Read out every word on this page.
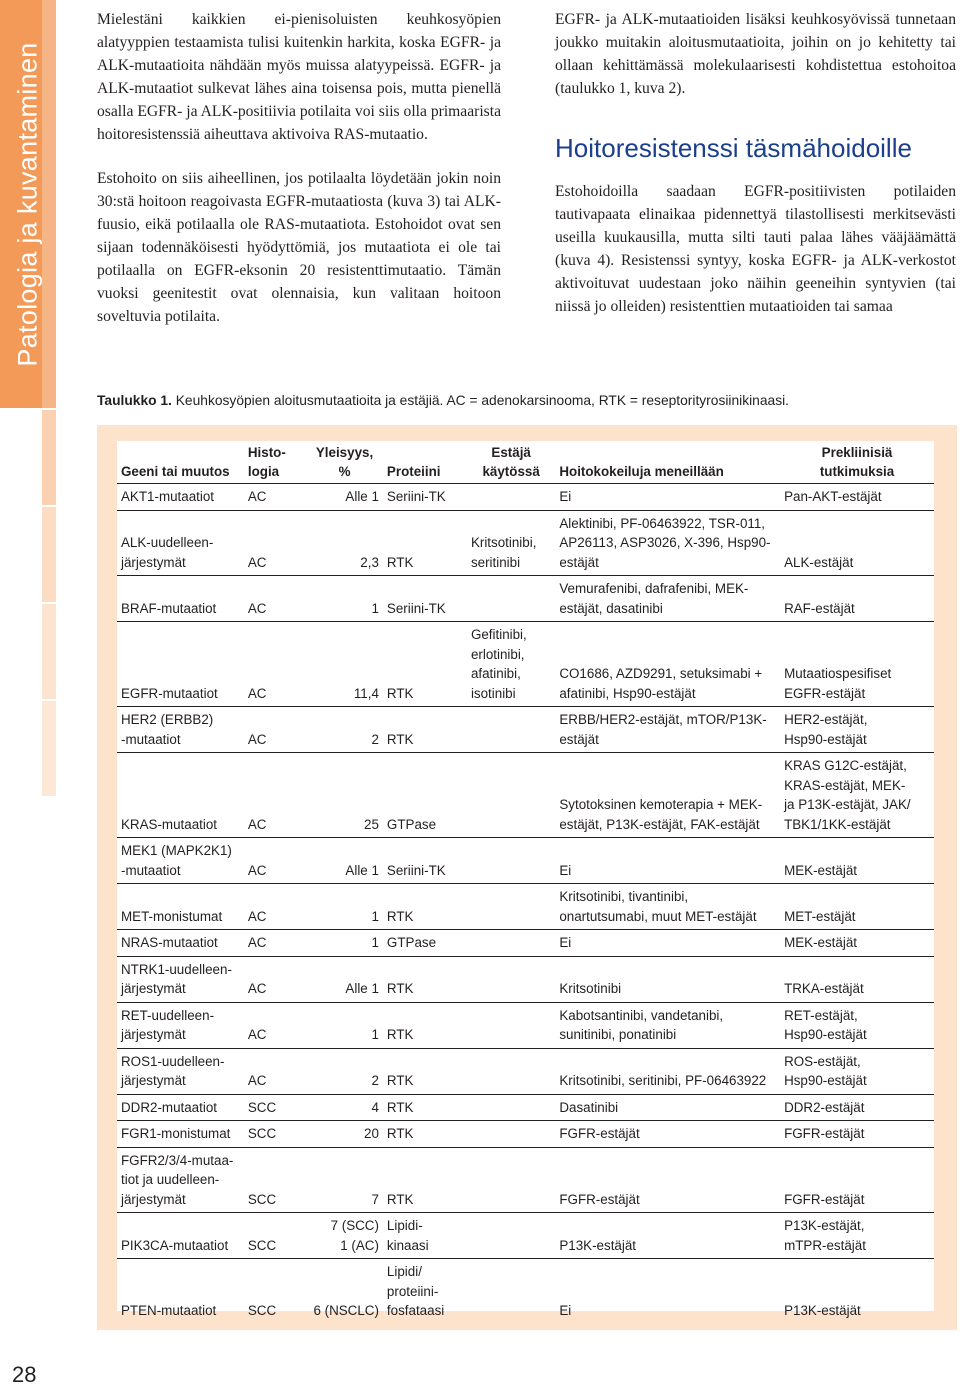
Patologia ja kuvantaminen
28

Mielestäni kaikkien ei-pienisoluisten keuhkosyöpien alatyyppien testaamista tulisi kuitenkin harkita, koska EGFR- ja ALK-mutaatioita nähdään myös muissa alatyypeissä. EGFR- ja ALK-mutaatiot sulkevat lähes aina toisensa pois, mutta pienellä osalla EGFR- ja ALK-positiivia potilaita voi siis olla primaarista hoitoresistenssiä aiheuttava aktivoiva RAS-mutaatio.

Estohoito on siis aiheellinen, jos potilaalta löydetään jokin noin 30:stä hoitoon reagoivasta EGFR-mutaatiosta (kuva 3) tai ALK-fuusio, eikä potilaalla ole RAS-mutaatiota. Estohoidot ovat sen sijaan todennäköisesti hyödyttömiä, jos mutaatiota ei ole tai potilaalla on EGFR-eksonin 20 resistenttimutaatio. Tämän vuoksi geenitestit ovat olennaisia, kun valitaan hoitoon soveltuvia potilaita.

EGFR- ja ALK-mutaatioiden lisäksi keuhkosyövissä tunnetaan joukko muitakin aloitusmutaatioita, joihin on jo kehitetty tai ollaan kehittämässä molekulaarisesti kohdistettua estohoitoa (taulukko 1, kuva 2).

Hoitoresistenssi täsmähoidoille

Estohoidoilla saadaan EGFR-positiivisten potilaiden tautivapaata elinaikaa pidennettyä tilastollisesti merkitsevästi useilla kuukausilla, mutta silti tauti palaa lähes vääjäämättä (kuva 4). Resistenssi syntyy, koska EGFR- ja ALK-verkostot aktivoituvat uudestaan joko näihin geeneihin syntyvien (tai niissä jo olleiden) resistenttien mutaatioiden tai samaa

Taulukko 1. Keuhkosyöpien aloitusmutaatioita ja estäjiä. AC = adenokarsinooma, RTK = reseptorityrosiinikinaasi.
Geeni tai muutos	Histo-
logia	Yleisyys,
%	Proteiini	Estäjä
käytössä	Hoitokokeiluja meneillään	Prekliinisiä
tutkimuksia
AKT1-mutaatiot	AC	Alle 1	Seriini-TK		Ei	Pan-AKT-estäjät
ALK-uudelleen-
järjestymät	AC	2,3	RTK	Kritsotinibi,
seritinibi	Alektinibi, PF-06463922, TSR-011,
AP26113, ASP3026, X-396, Hsp90-
estäjät	ALK-estäjät
BRAF-mutaatiot	AC	1	Seriini-TK		Vemurafenibi, dafrafenibi, MEK-
estäjät, dasatinibi	RAF-estäjät
EGFR-mutaatiot	AC	11,4	RTK	Gefitinibi,
erlotinibi,
afatinibi,
isotinibi	CO1686, AZD9291, setuksimabi +
afatinibi, Hsp90-estäjät	Mutaatiospesifiset
EGFR-estäjät
HER2 (ERBB2)
-mutaatiot	AC	2	RTK		ERBB/HER2-estäjät, mTOR/P13K-
estäjät	HER2-estäjät,
Hsp90-estäjät
KRAS-mutaatiot	AC	25	GTPase		Sytotoksinen kemoterapia + MEK-
estäjät, P13K-estäjät, FAK-estäjät	KRAS G12C-estäjät,
KRAS-estäjät, MEK-
ja P13K-estäjät, JAK/
TBK1/1KK-estäjät
MEK1 (MAPK2K1)
-mutaatiot	AC	Alle 1	Seriini-TK		Ei	MEK-estäjät
MET-monistumat	AC	1	RTK		Kritsotinibi, tivantinibi,
onartutsumabi, muut MET-estäjät	MET-estäjät
NRAS-mutaatiot	AC	1	GTPase		Ei	MEK-estäjät
NTRK1-uudelleen-
järjestymät	AC	Alle 1	RTK		Kritsotinibi	TRKA-estäjät
RET-uudelleen-
järjestymät	AC	1	RTK		Kabotsantinibi, vandetanibi,
sunitinibi, ponatinibi	RET-estäjät,
Hsp90-estäjät
ROS1-uudelleen-
järjestymät	AC	2	RTK		Kritsotinibi, seritinibi, PF-06463922	ROS-estäjät,
Hsp90-estäjät
DDR2-mutaatiot	SCC	4	RTK		Dasatinibi	DDR2-estäjät
FGR1-monistumat	SCC	20	RTK		FGFR-estäjät	FGFR-estäjät
FGFR2/3/4-mutaa-
tiot ja uudelleen-
järjestymät	SCC	7	RTK		FGFR-estäjät	FGFR-estäjät
PIK3CA-mutaatiot	SCC	7 (SCC)
1 (AC)	Lipidi-
kinaasi		P13K-estäjät	P13K-estäjät,
mTPR-estäjät
PTEN-mutaatiot	SCC	6 (NSCLC)	Lipidi/
proteiini-
fosfataasi		Ei	P13K-estäjät
